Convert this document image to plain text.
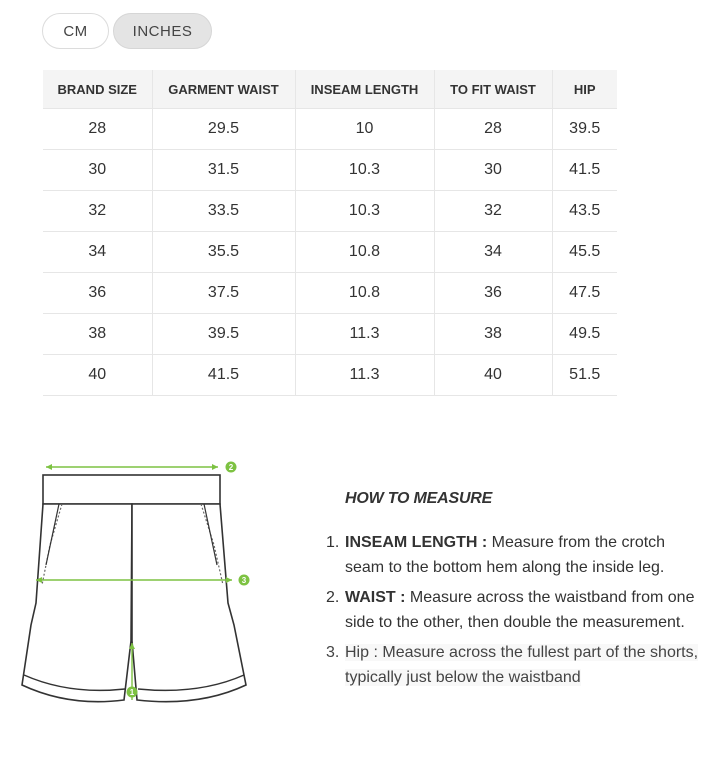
CM	INCHES
BRAND SIZE	GARMENT WAIST	INSEAM LENGTH	TO FIT WAIST	HIP
28	29.5	10	28	39.5
30	31.5	10.3	30	41.5
32	33.5	10.3	32	43.5
34	35.5	10.8	34	45.5
36	37.5	10.8	36	47.5
38	39.5	11.3	38	49.5
40	41.5	11.3	40	51.5
2
3
1
HOW TO MEASURE
1. INSEAM LENGTH : Measure from the crotch seam to the bottom hem along the inside leg.
2. WAIST : Measure across the waistband from one side to the other, then double the measurement.
3. Hip : Measure across the fullest part of the shorts, typically just below the waistband
